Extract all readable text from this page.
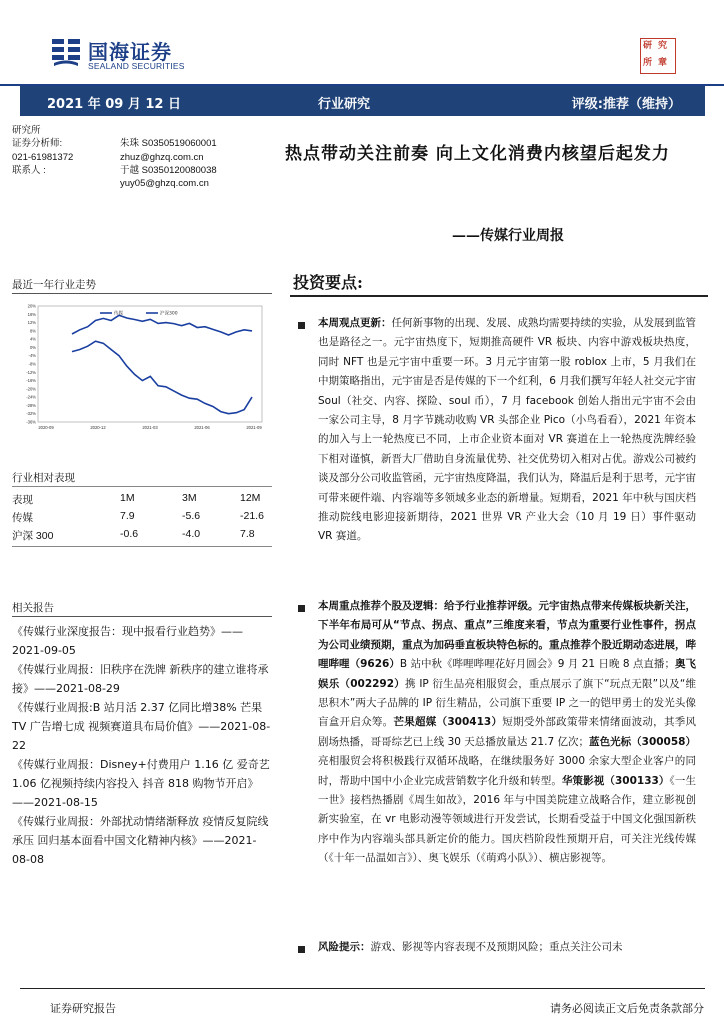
国海证券
SEALAND SECURITIES
研 究
所 章
2021 年 09 月 12 日	行业研究	评级:推荐（维持）
研究所
证券分析师:	朱珠 S0350519060001
021-61981372	zhuz@ghzq.com.cn
联系人 :	于越 S0350120080038
yuy05@ghzq.com.cn
热点带动关注前奏 向上文化消费内核望后起发力
——传媒行业周报
最近一年行业走势
20%
16%
12%
8%
4%
0%
-4%
-8%
-12%
-16%
-20%
-24%
-28%
-32%
-36%
2020-09	2020-12	2021-03	2021-06	2021-09
传媒	沪深300
行业相对表现
表现	1M	3M	12M
传媒	7.9	-5.6	-21.6
沪深 300	-0.6	-4.0	7.8
相关报告

《传媒行业深度报告：现中报看行业趋势》——2021-09-05

《传媒行业周报：旧秩序在洗牌 新秩序的建立谁将承接》——2021-08-29

《传媒行业周报:B 站月活 2.37 亿同比增38% 芒果 TV 广告增七成 视频赛道具布局价值》——2021-08-22

《传媒行业周报：Disney+付费用户 1.16 亿 爱奇艺 1.06 亿视频持续内容投入 抖音 818 购物节开启》——2021-08-15

《传媒行业周报：外部扰动情绪渐释放 疫情反复院线承压 回归基本面看中国文化精神内核》——2021-08-08

投资要点:
本周观点更新：任何新事物的出现、发展、成熟均需要持续的实验，从发展到监管也是路径之一。元宇宙热度下，短期推高硬件 VR 板块、内容中游戏板块热度，同时 NFT 也是元宇宙中重要一环。3 月元宇宙第一股 roblox 上市，5 月我们在中期策略指出，元宇宙是否是传媒的下一个红利，6 月我们撰写年轻人社交元宇宙 Soul（社交、内容、探险、soul 币），7 月 facebook 创始人指出元宇宙不会由一家公司主导，8 月字节跳动收购 VR 头部企业 Pico（小鸟看看），2021 年资本的加入与上一轮热度已不同，上市企业资本面对 VR 赛道在上一轮热度洗牌经验下相对谨慎，新晋大厂借助自身流量优势、社交优势切入相对占优。游戏公司被约谈及部分公司收监管函，元宇宙热度降温，我们认为，降温后是利于思考，元宇宙可带来硬件端、内容端等多领域多业态的新增量。短期看，2021 年中秋与国庆档推动院线电影迎接新期待，2021 世界 VR 产业大会（10 月 19 日）事件驱动 VR 赛道。
本周重点推荐个股及逻辑：给予行业推荐评级。元宇宙热点带来传媒板块新关注，下半年布局可从“节点、拐点、重点”三维度来看，节点为重要行业性事件，拐点为公司业绩预期，重点为加码垂直板块特色标的。重点推荐个股近期动态进展，哔哩哔哩（9626）B 站中秋《哔哩哔哩花好月圆会》9 月 21 日晚 8 点直播；奥飞娱乐（002292）携 IP 衍生品亮相服贸会，重点展示了旗下“玩点无限”以及“维思积木”两大子品牌的 IP 衍生精品，公司旗下重要 IP 之一的铠甲勇士的发光头像盲盒开启众筹。芒果超媒（300413）短期受外部政策带来情绪面波动，其季风剧场热播，哥哥综艺已上线 30 天总播放量达 21.7 亿次；蓝色光标（300058）亮相服贸会将积极践行双循环战略，在继续服务好 3000 余家大型企业客户的同时，帮助中国中小企业完成营销数字化升级和转型。华策影视（300133）《一生一世》接档热播剧《周生如故》，2016 年与中国美院建立战略合作，建立影视创新实验室，在 vr 电影动漫等领域进行开发尝试，长期看受益于中国文化强国新秩序中作为内容端头部具新定价的能力。国庆档阶段性预期开启，可关注光线传媒（《十年一品温如言》）、奥飞娱乐（《萌鸡小队》）、横店影视等。
风险提示：游戏、影视等内容表现不及预期风险；重点关注公司未
证券研究报告	请务必阅读正文后免责条款部分
